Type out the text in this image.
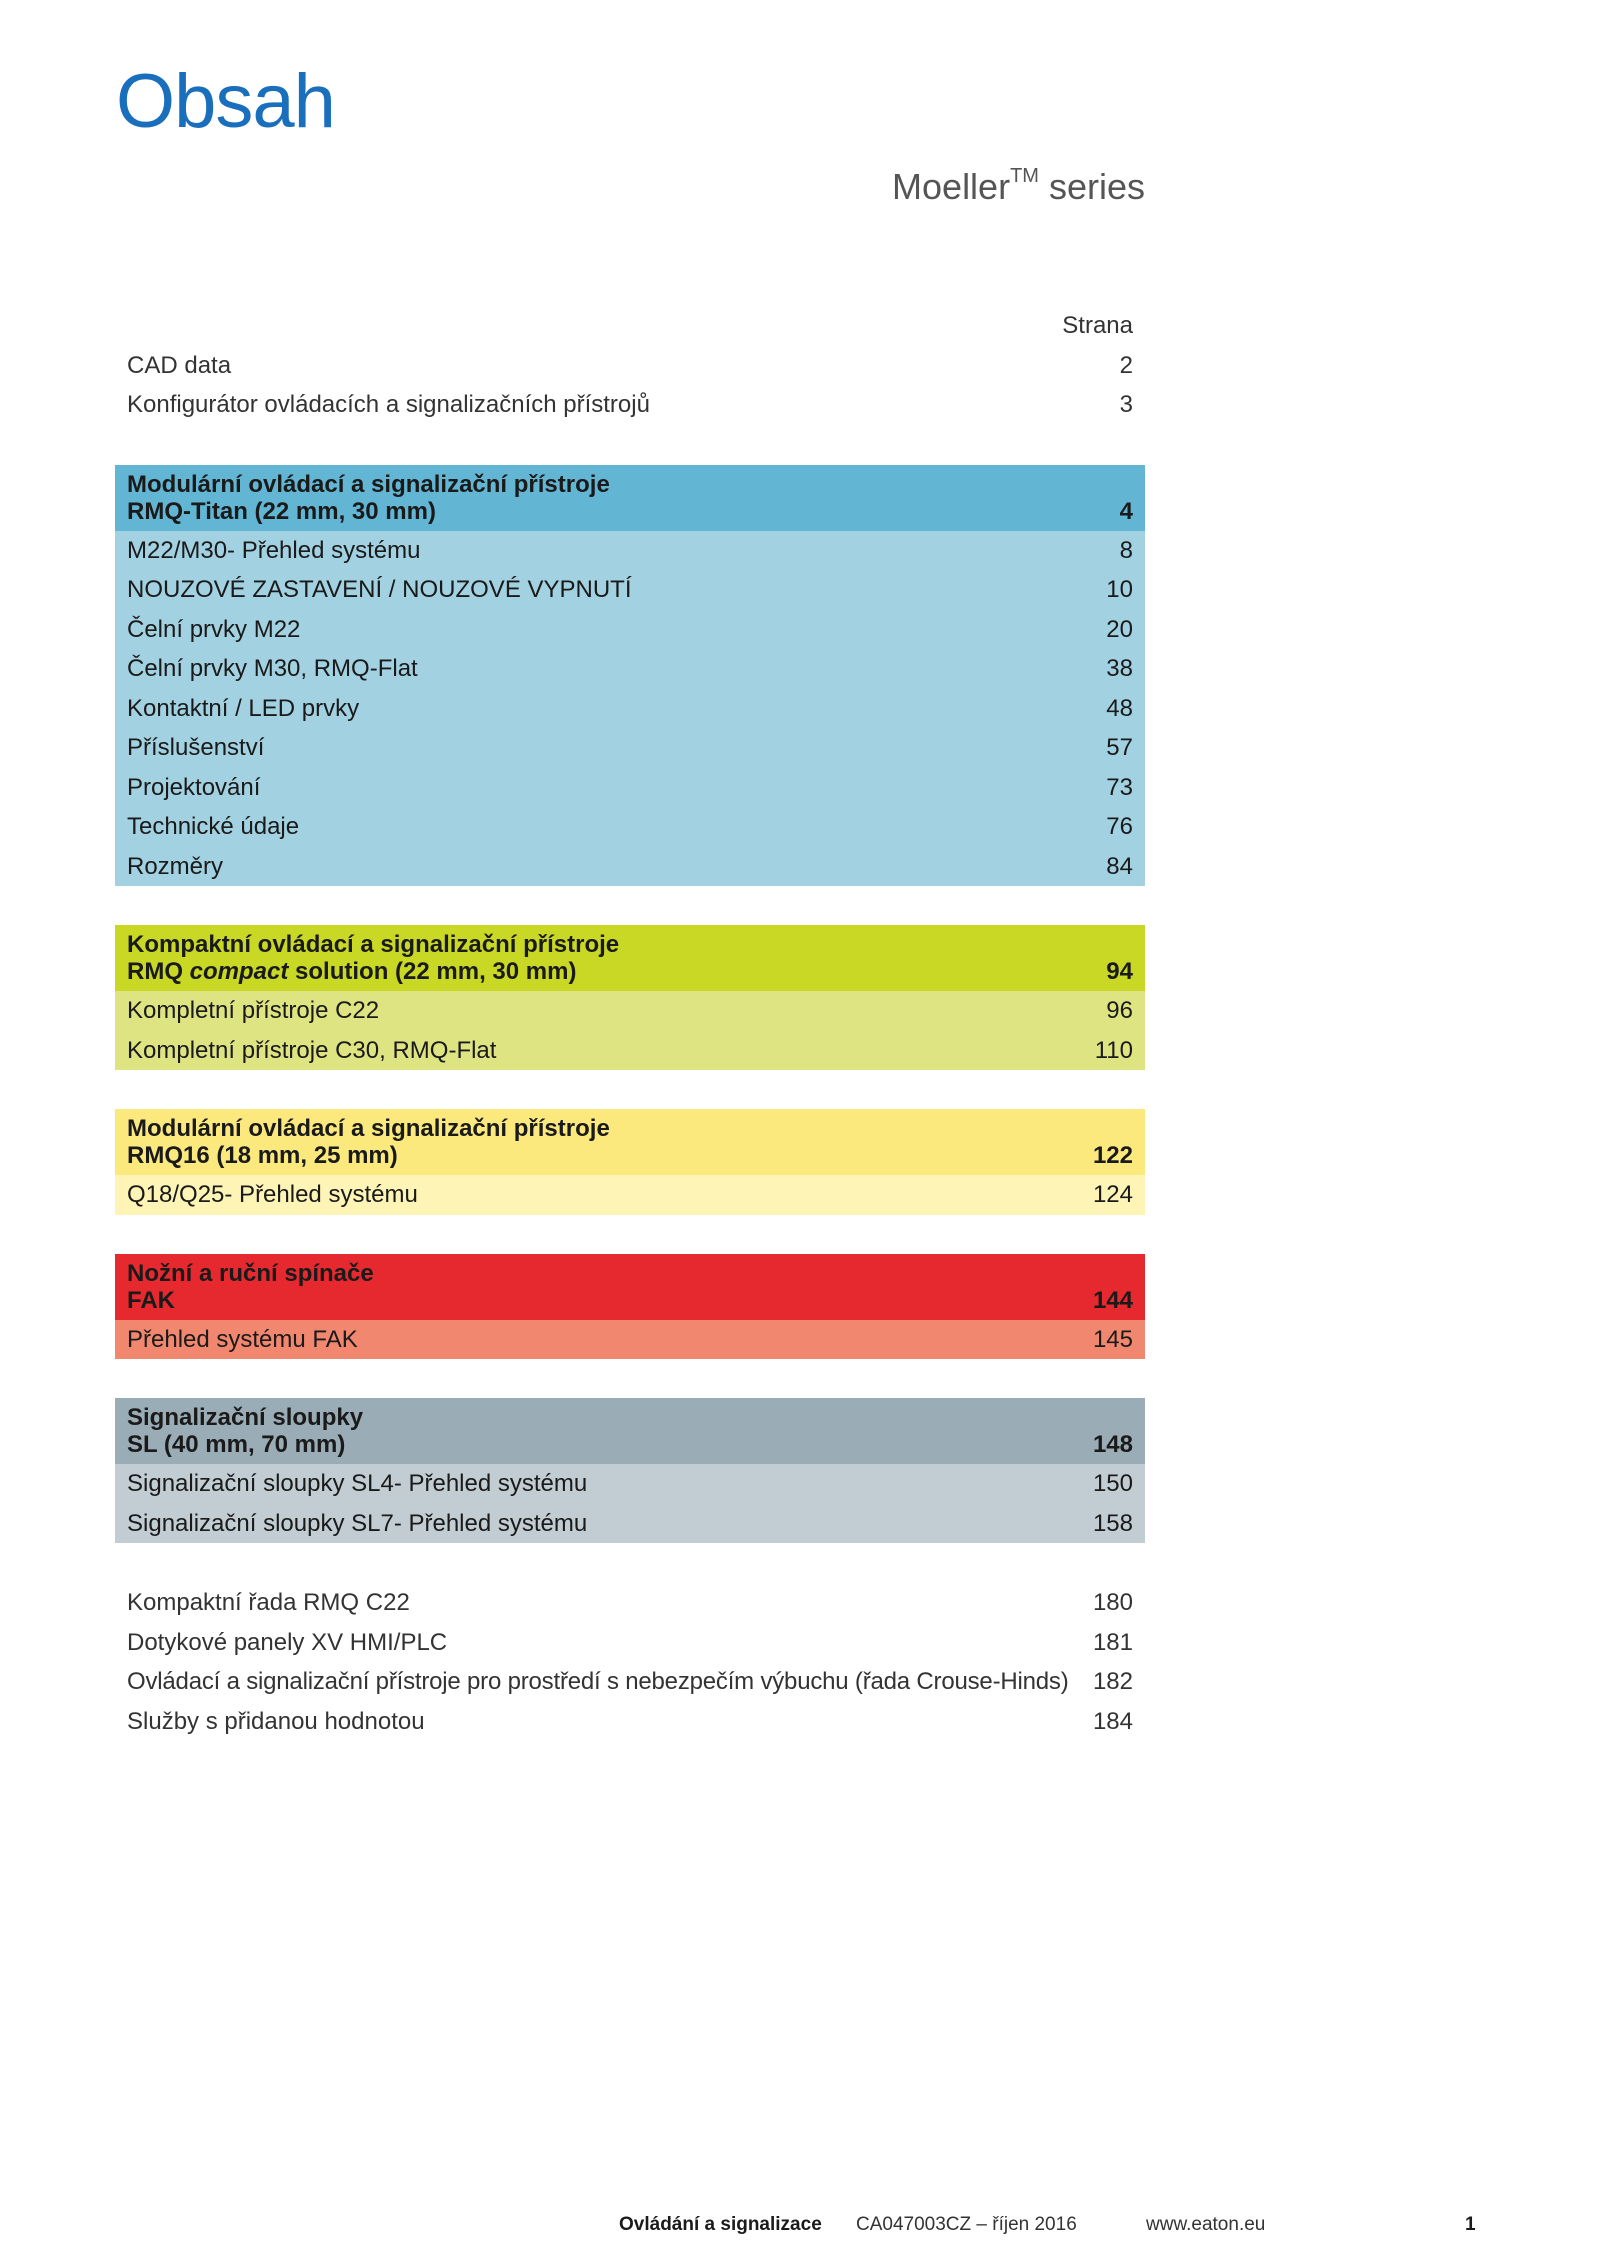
Obsah
Moeller™ series
Strana
CAD data	2
Konfigurátor ovládacích a signalizačních přístrojů	3
Modulární ovládací a signalizační přístroje
RMQ-Titan (22 mm, 30 mm)	4
M22/M30- Přehled systému	8
NOUZOVÉ ZASTAVENÍ / NOUZOVÉ VYPNUTÍ	10
Čelní prvky M22	20
Čelní prvky M30, RMQ-Flat	38
Kontaktní / LED prvky	48
Příslušenství	57
Projektování	73
Technické údaje	76
Rozměry	84
Kompaktní ovládací a signalizační přístroje
RMQ compact solution (22 mm, 30 mm)	94
Kompletní přístroje C22	96
Kompletní přístroje C30, RMQ-Flat	110
Modulární ovládací a signalizační přístroje
RMQ16 (18 mm, 25 mm)	122
Q18/Q25- Přehled systému	124
Nožní a ruční spínače
FAK	144
Přehled systému FAK	145
Signalizační sloupky
SL (40 mm, 70 mm)	148
Signalizační sloupky SL4- Přehled systému	150
Signalizační sloupky SL7- Přehled systému	158
Kompaktní řada RMQ C22	180
Dotykové panely XV HMI/PLC	181
Ovládací a signalizační přístroje pro prostředí s nebezpečím výbuchu (řada Crouse-Hinds) 182
Služby s přidanou hodnotou	184
Ovládání a signalizace CA047003CZ – říjen 2016	www.eaton.eu	1
